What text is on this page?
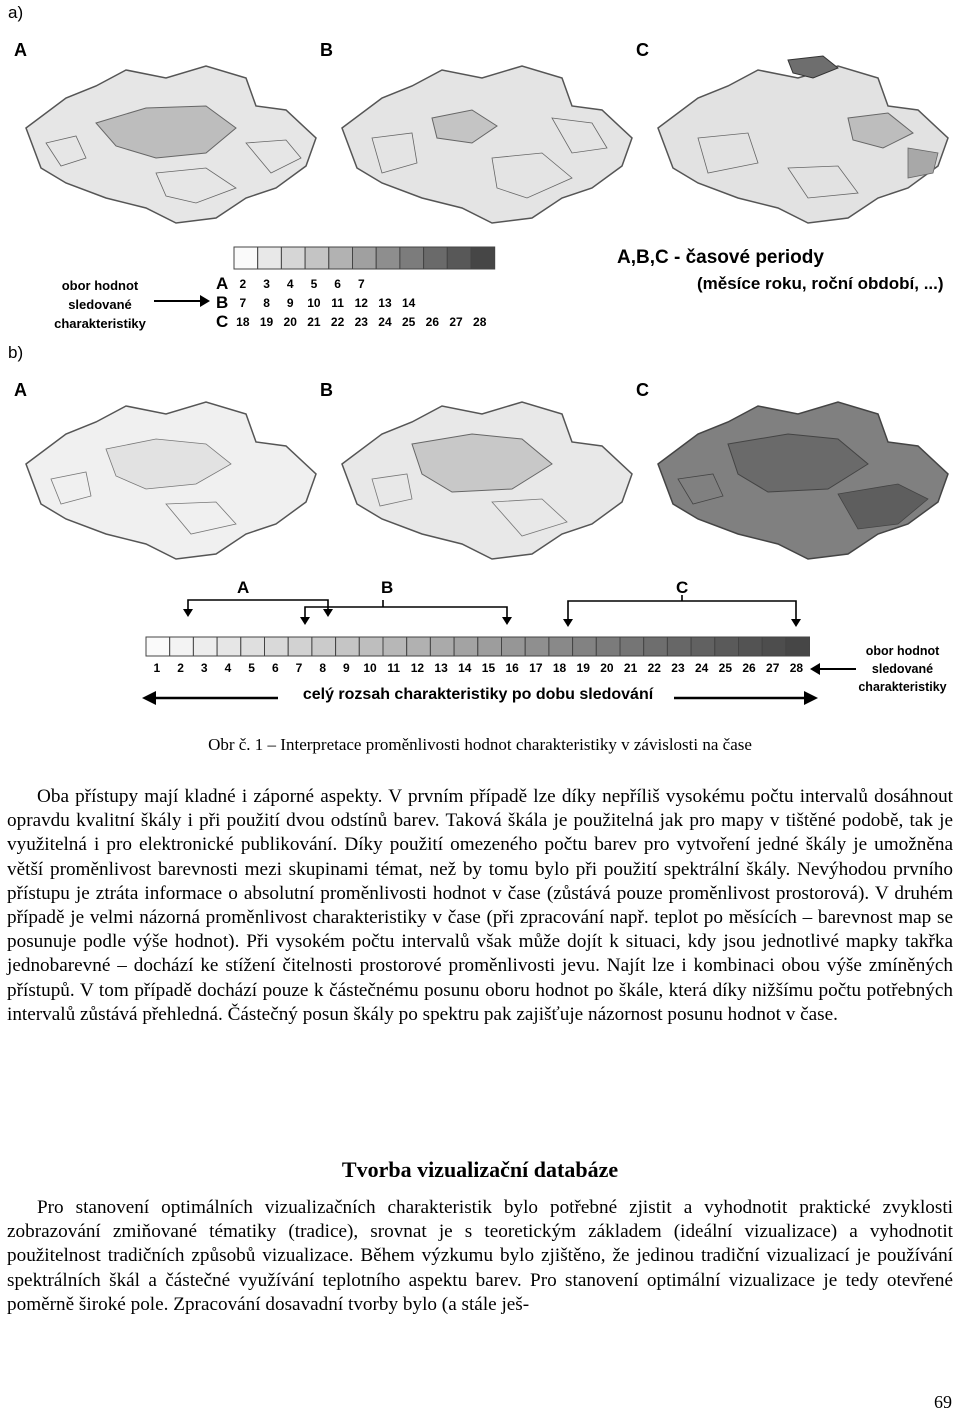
a)
A	B	C
obor hodnot
sledované
charakteristiky
A
B
C
2	3	4	5	6	7
7	8	9	10 11 12 13 14
18 19 20 21 22 23 24 25 26 27 28
A,B,C - časové periody
(měsíce roku, roční období, ...)
b)
A	B	C
A	B	C
1	2	3	4	5	6	7	8	9	10 11 12 13 14 15 16 17 18 19 20 21 22 23 24 25 26 27 28
obor hodnot
sledované
charakteristiky
celý rozsah charakteristiky po dobu sledování
Obr č. 1 – Interpretace proměnlivosti hodnot charakteristiky v závislosti na čase

Oba přístupy mají kladné i záporné aspekty. V prvním případě lze díky nepříliš vysokému počtu intervalů dosáhnout opravdu kvalitní škály i při použití dvou odstínů barev. Taková škála je použitelná jak pro mapy v tištěné podobě, tak je využitelná i pro elektronické publikování. Díky použití omezeného počtu barev pro vytvoření jedné škály je umožněna větší proměnlivost barevnosti mezi skupinami témat, než by tomu bylo při použití spektrální škály. Nevýhodou prvního přístupu je ztráta informace o absolutní proměnlivosti hodnot v čase (zůstává pouze proměnlivost prostorová). V druhém případě je velmi názorná proměnlivost charakteristiky v čase (při zpracování např. teplot po měsících – barevnost map se posunuje podle výše hodnot). Při vysokém počtu intervalů však může dojít k situaci, kdy jsou jednotlivé mapky takřka jednobarevné – dochází ke stížení čitelnosti prostorové proměnlivosti jevu. Najít lze i kombinaci obou výše zmíněných přístupů. V tom případě dochází pouze k částečnému posunu oboru hodnot po škále, která díky nižšímu počtu potřebných intervalů zůstává přehledná. Částečný posun škály po spektru pak zajišťuje názornost posunu hodnot v čase.

Tvorba vizualizační databáze

Pro stanovení optimálních vizualizačních charakteristik bylo potřebné zjistit a vyhodnotit praktické zvyklosti zobrazování zmiňované tématiky (tradice), srovnat je s teoretickým základem (ideální vizualizace) a vyhodnotit použitelnost tradičních způsobů vizualizace. Během výzkumu bylo zjištěno, že jedinou tradiční vizualizací je používání spektrálních škál a částečné využívání teplotního aspektu barev. Pro stanovení optimální vizualizace je tedy otevřené poměrně široké pole. Zpracování dosavadní tvorby bylo (a stále ješ-

69
